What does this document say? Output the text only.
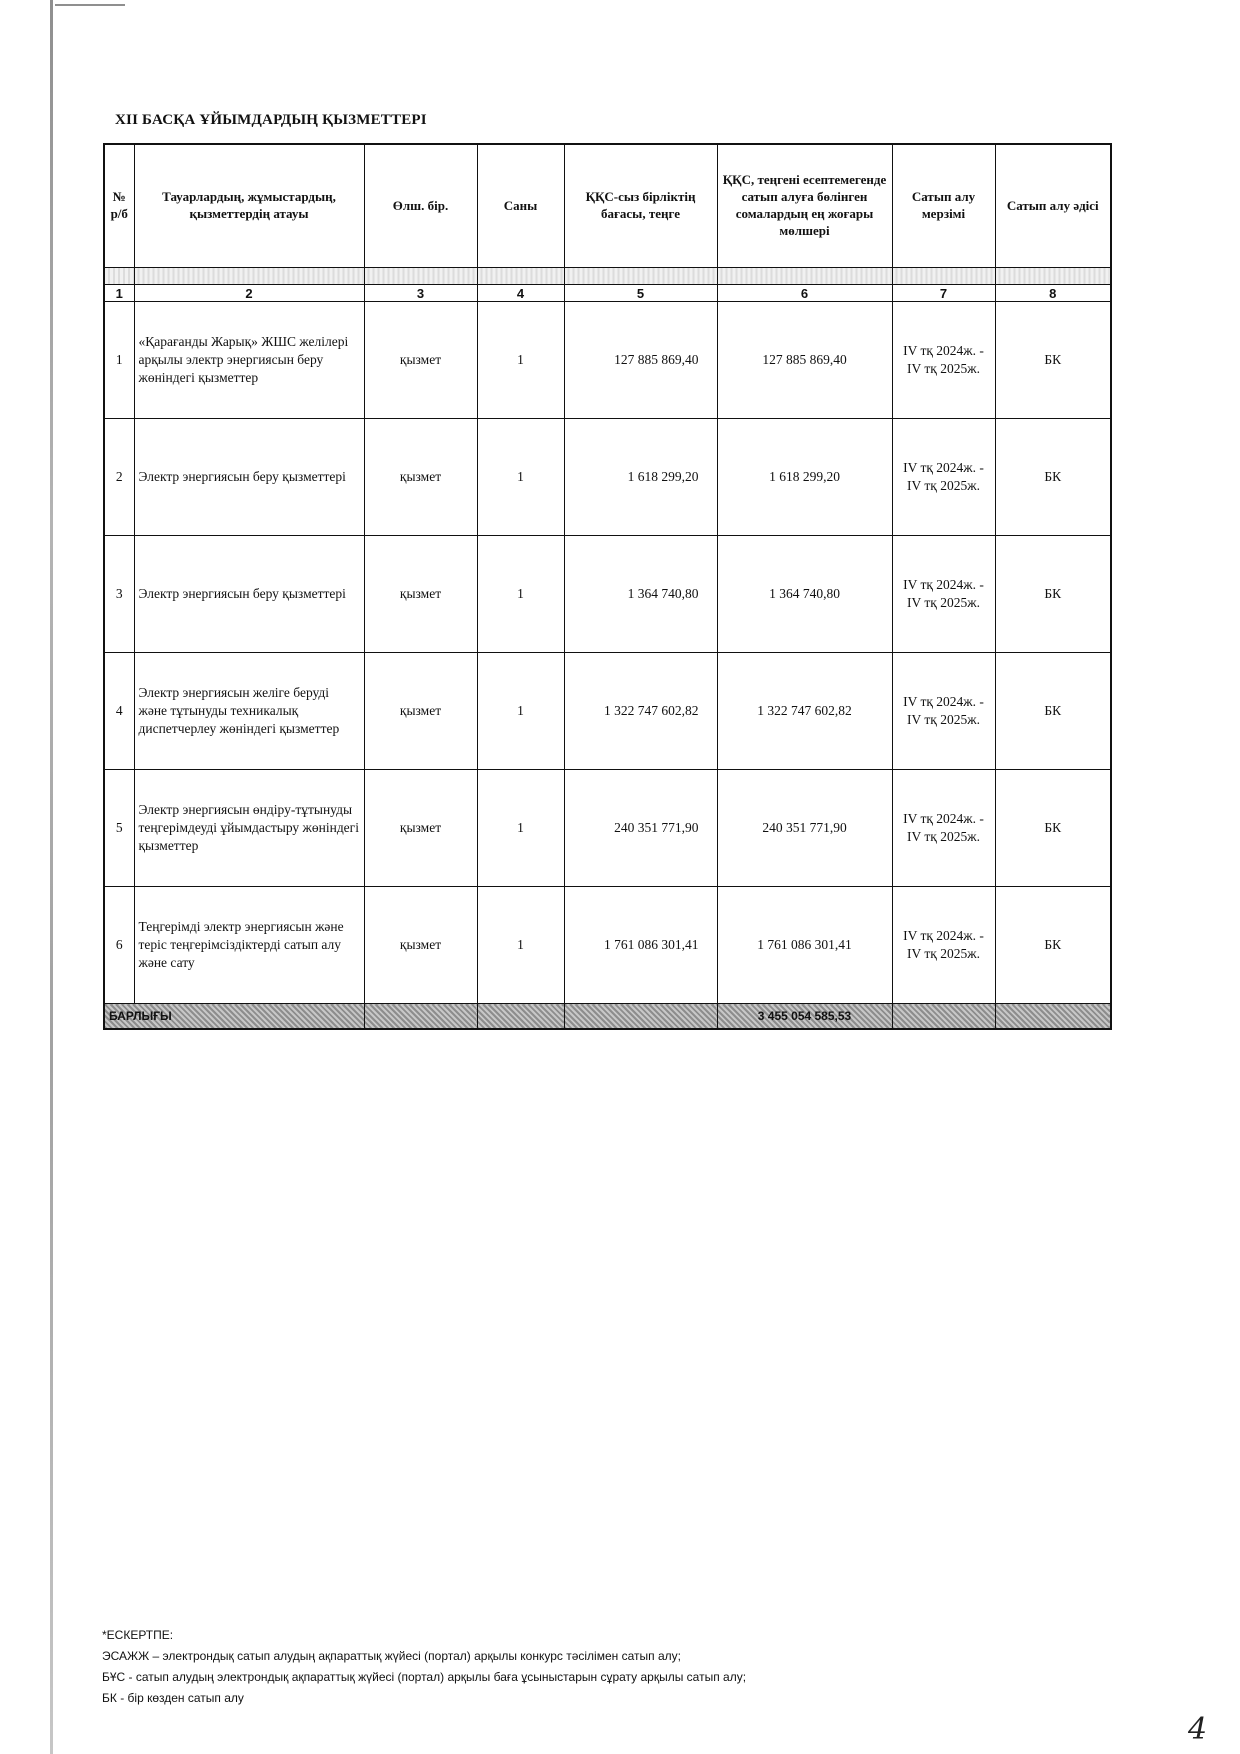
XII БАСҚА ҰЙЫМДАРДЫҢ ҚЫЗМЕТТЕРІ
№ р/б	Тауарлардың, жұмыстардың, қызметтердің атауы	Өлш. бір.	Саны	ҚҚС-сыз бірліктің бағасы, теңге	ҚҚС, теңгені есептемегенде сатып алуға бөлінген сомалардың ең жоғары мөлшері	Сатып алу мерзімі	Сатып алу әдісі

1	2	3	4	5	6	7	8
1	«Қарағанды Жарық» ЖШС желілері арқылы электр энергиясын беру жөніндегі қызметтер	қызмет	1	127 885 869,40	127 885 869,40	IV тқ 2024ж. - IV тқ 2025ж.	БК
2	Электр энергиясын беру қызметтері	қызмет	1	1 618 299,20	1 618 299,20	IV тқ 2024ж. - IV тқ 2025ж.	БК
3	Электр энергиясын беру қызметтері	қызмет	1	1 364 740,80	1 364 740,80	IV тқ 2024ж. - IV тқ 2025ж.	БК
4	Электр энергиясын желіге беруді және тұтынуды техникалық диспетчерлеу жөніндегі қызметтер	қызмет	1	1 322 747 602,82	1 322 747 602,82	IV тқ 2024ж. - IV тқ 2025ж.	БК
5	Электр энергиясын өндіру-тұтынуды теңгерімдеуді ұйымдастыру жөніндегі қызметтер	қызмет	1	240 351 771,90	240 351 771,90	IV тқ 2024ж. - IV тқ 2025ж.	БК
6	Теңгерімді электр энергиясын және теріс теңгерімсіздіктерді сатып алу және сату	қызмет	1	1 761 086 301,41	1 761 086 301,41	IV тқ 2024ж. - IV тқ 2025ж.	БК
БАРЛЫҒЫ					3 455 054 585,53		
*ЕСКЕРТПЕ:
ЭСАЖЖ – электрондық сатып алудың ақпараттық жүйесі (портал) арқылы конкурс тәсілімен сатып алу;
БҰС - сатып алудың электрондық ақпараттық жүйесі (портал) арқылы баға ұсыныстарын сұрату арқылы сатып алу;
БК - бір көзден сатып алу
4
